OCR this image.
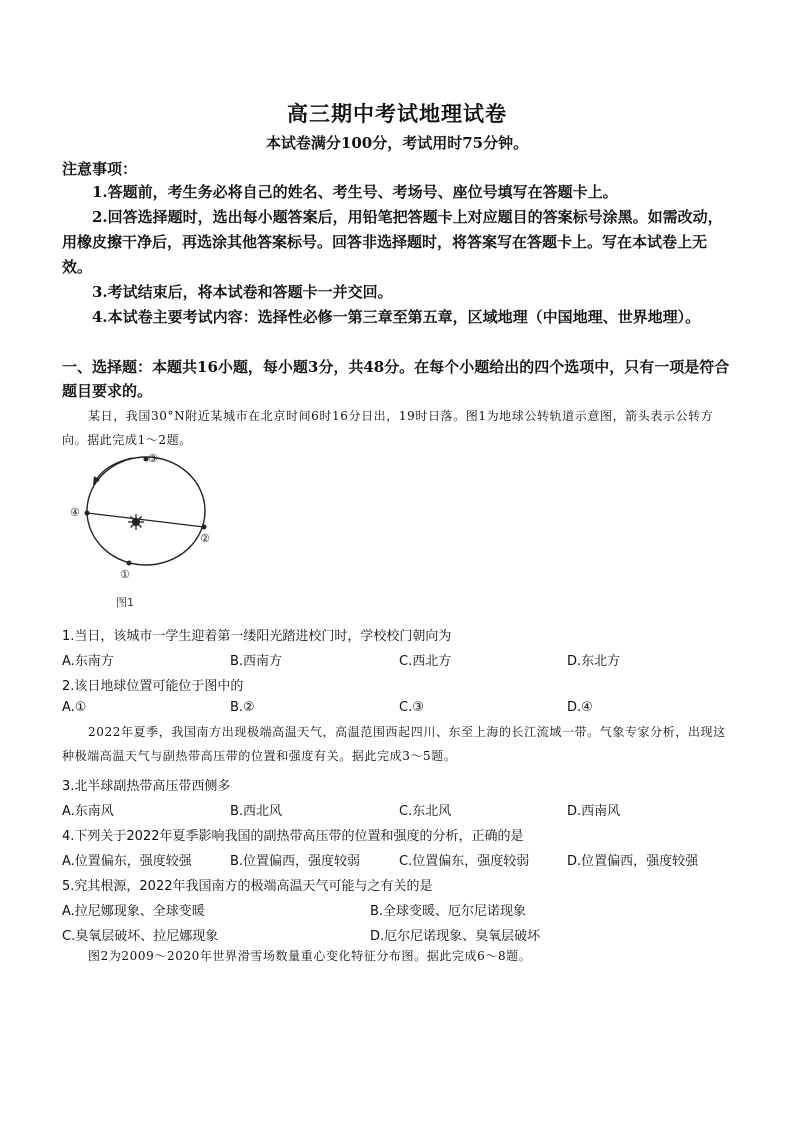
高三期中考试地理试卷
本试卷满分100分，考试用时75分钟。
注意事项：
1.答题前，考生务必将自己的姓名、考生号、考场号、座位号填写在答题卡上。
2.回答选择题时，选出每小题答案后，用铅笔把答题卡上对应题目的答案标号涂黑。如需改动，用橡皮擦干净后，再选涂其他答案标号。回答非选择题时，将答案写在答题卡上。写在本试卷上无效。
3.考试结束后，将本试卷和答题卡一并交回。
4.本试卷主要考试内容：选择性必修一第三章至第五章，区域地理（中国地理、世界地理）。
一、选择题：本题共16小题，每小题3分，共48分。在每个小题给出的四个选项中，只有一项是符合题目要求的。
某日，我国30°N附近某城市在北京时间6时16分日出，19时日落。图1为地球公转轨道示意图，箭头表示公转方向。据此完成1～2题。
③
④
②
①
图1
1.当日，该城市一学生迎着第一缕阳光踏进校门时，学校校门朝向为
A.东南方	B.西南方	C.西北方	D.东北方
2.该日地球位置可能位于图中的
A.①	B.②	C.③	D.④
2022年夏季，我国南方出现极端高温天气，高温范围西起四川、东至上海的长江流域一带。气象专家分析，出现这种极端高温天气与副热带高压带的位置和强度有关。据此完成3～5题。
3.北半球副热带高压带西侧多
A.东南风	B.西北风	C.东北风	D.西南风
4.下列关于2022年夏季影响我国的副热带高压带的位置和强度的分析，正确的是
A.位置偏东，强度较强	B.位置偏西，强度较弱	C.位置偏东，强度较弱	D.位置偏西，强度较强
5.究其根源，2022年我国南方的极端高温天气可能与之有关的是
A.拉尼娜现象、全球变暖	B.全球变暖、厄尔尼诺现象
C.臭氧层破坏、拉尼娜现象	D.厄尔尼诺现象、臭氧层破坏
图2为2009～2020年世界滑雪场数量重心变化特征分布图。据此完成6～8题。
